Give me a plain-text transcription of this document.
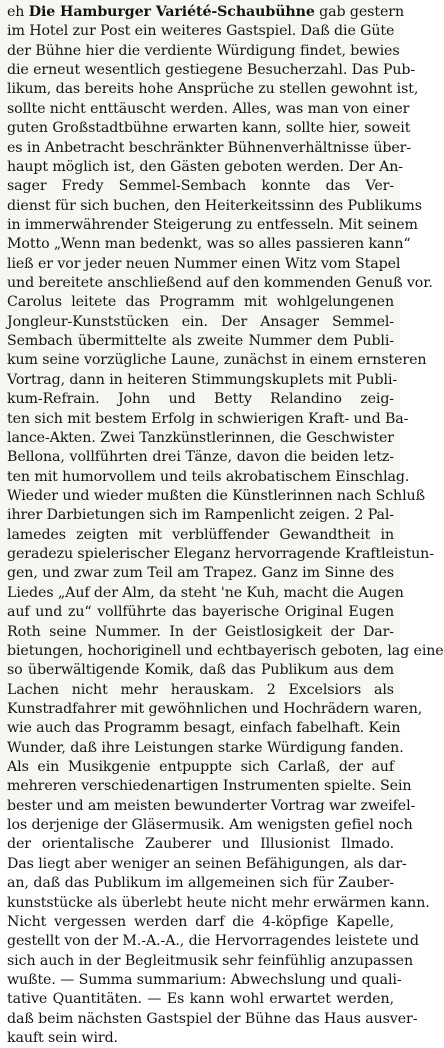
eh Die Hamburger Variété-Schaubühne gab gestern
im Hotel zur Post ein weiteres Gastspiel. Daß die Güte
der Bühne hier die verdiente Würdigung findet, bewies
die erneut wesentlich gestiegene Besucherzahl. Das Pub-
likum, das bereits hohe Ansprüche zu stellen gewohnt ist,
sollte nicht enttäuscht werden. Alles, was man von einer
guten Großstadtbühne erwarten kann, sollte hier, soweit
es in Anbetracht beschränkter Bühnenverhältnisse über-
haupt möglich ist, den Gästen geboten werden. Der An-
sager Fredy Semmel-Sembach konnte das Ver-
dienst für sich buchen, den Heiterkeitssinn des Publikums
in immerwährender Steigerung zu entfesseln. Mit seinem
Motto „Wenn man bedenkt, was so alles passieren kann“
ließ er vor jeder neuen Nummer einen Witz vom Stapel
und bereitete anschließend auf den kommenden Genuß vor.
Carolus leitete das Programm mit wohlgelungenen
Jongleur-Kunststücken ein. Der Ansager Semmel-
Sembach übermittelte als zweite Nummer dem Publi-
kum seine vorzügliche Laune, zunächst in einem ernsteren
Vortrag, dann in heiteren Stimmungskuplets mit Publi-
kum-Refrain. John und Betty Relandino zeig-
ten sich mit bestem Erfolg in schwierigen Kraft- und Ba-
lance-Akten. Zwei Tanzkünstlerinnen, die Geschwister
Bellona, vollführten drei Tänze, davon die beiden letz-
ten mit humorvollem und teils akrobatischem Einschlag.
Wieder und wieder mußten die Künstlerinnen nach Schluß
ihrer Darbietungen sich im Rampenlicht zeigen. 2 Pal-
lamedes zeigten mit verblüffender Gewandtheit in
geradezu spielerischer Eleganz hervorragende Kraftleistun-
gen, und zwar zum Teil am Trapez. Ganz im Sinne des
Liedes „Auf der Alm, da steht 'ne Kuh, macht die Augen
auf und zu“ vollführte das bayerische Original Eugen
Roth seine Nummer. In der Geistlosigkeit der Dar-
bietungen, hochoriginell und echtbayerisch geboten, lag eine
so überwältigende Komik, daß das Publikum aus dem
Lachen nicht mehr herauskam. 2 Excelsiors als
Kunstradfahrer mit gewöhnlichen und Hochrädern waren,
wie auch das Programm besagt, einfach fabelhaft. Kein
Wunder, daß ihre Leistungen starke Würdigung fanden.
Als ein Musikgenie entpuppte sich Carlaß, der auf
mehreren verschiedenartigen Instrumenten spielte. Sein
bester und am meisten bewunderter Vortrag war zweifel-
los derjenige der Gläsermusik. Am wenigsten gefiel noch
der orientalische Zauberer und Illusionist Ilmado.
Das liegt aber weniger an seinen Befähigungen, als dar-
an, daß das Publikum im allgemeinen sich für Zauber-
kunststücke als überlebt heute nicht mehr erwärmen kann.
Nicht vergessen werden darf die 4-köpfige Kapelle,
gestellt von der M.-A.-A., die Hervorragendes leistete und
sich auch in der Begleitmusik sehr feinfühlig anzupassen
wußte. — Summa summarium: Abwechslung und quali-
tative Quantitäten. — Es kann wohl erwartet werden,
daß beim nächsten Gastspiel der Bühne das Haus ausver-
kauft sein wird.
